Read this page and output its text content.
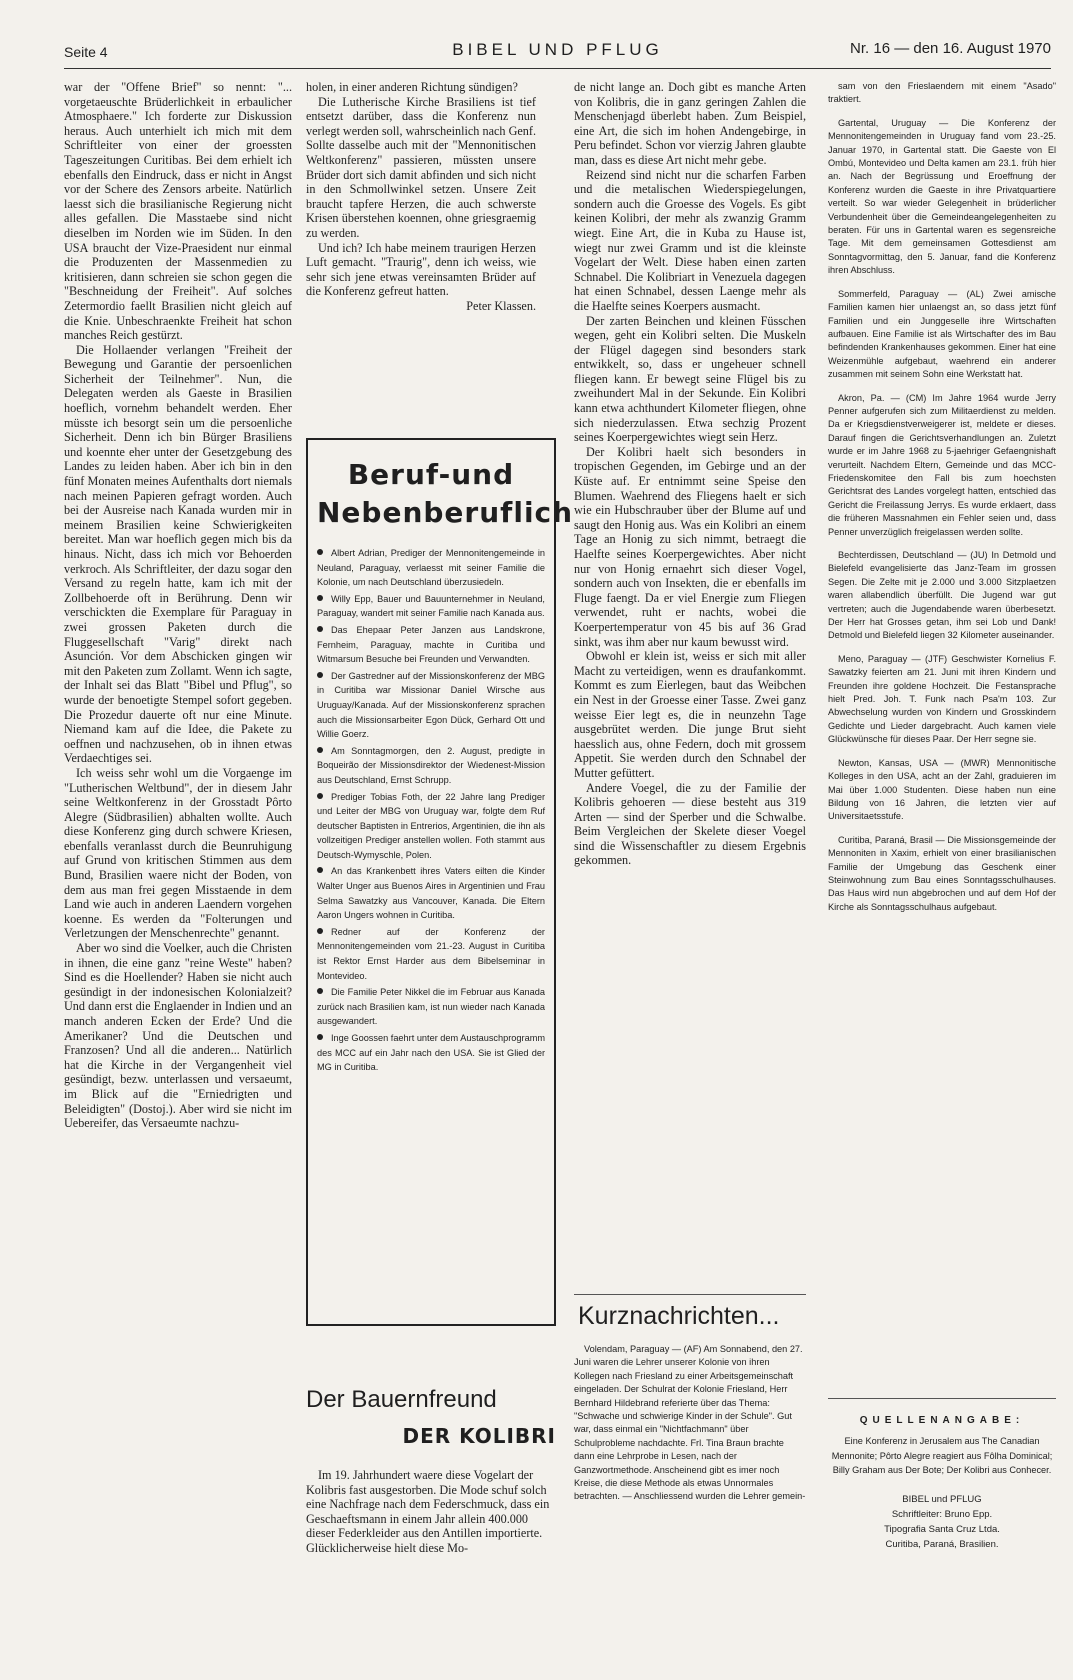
Seite 4	BIBEL UND PFLUG	Nr. 16 — den 16. August 1970

war der "Offene Brief" so nennt: "... vorgetaeuschte Brüderlichkeit in erbaulicher Atmosphaere." Ich forderte zur Diskussion heraus. Auch unterhielt ich mich mit dem Schriftleiter von einer der groessten Tageszeitungen Curitibas. Bei dem erhielt ich ebenfalls den Eindruck, dass er nicht in Angst vor der Schere des Zensors arbeite. Natürlich laesst sich die brasilianische Regierung nicht alles gefallen. Die Masstaebe sind nicht dieselben im Norden wie im Süden. In den USA braucht der Vize-Praesident nur einmal die Produzenten der Massenmedien zu kritisieren, dann schreien sie schon gegen die "Beschneidung der Freiheit". Auf solches Zetermordio faellt Brasilien nicht gleich auf die Knie. Unbeschraenkte Freiheit hat schon manches Reich gestürzt.

Die Hollaender verlangen "Freiheit der Bewegung und Garantie der persoenlichen Sicherheit der Teilnehmer". Nun, die Delegaten werden als Gaeste in Brasilien hoeflich, vornehm behandelt werden. Eher müsste ich besorgt sein um die persoenliche Sicherheit. Denn ich bin Bürger Brasiliens und koennte eher unter der Gesetzgebung des Landes zu leiden haben. Aber ich bin in den fünf Monaten meines Aufenthalts dort niemals nach meinen Papieren gefragt worden. Auch bei der Ausreise nach Kanada wurden mir in meinem Brasilien keine Schwierigkeiten bereitet. Man war hoeflich gegen mich bis da hinaus. Nicht, dass ich mich vor Behoerden verkroch. Als Schriftleiter, der dazu sogar den Versand zu regeln hatte, kam ich mit der Zollbehoerde oft in Berührung. Denn wir verschickten die Exemplare für Paraguay in zwei grossen Paketen durch die Fluggesellschaft "Varig" direkt nach Asunción. Vor dem Abschicken gingen wir mit den Paketen zum Zollamt. Wenn ich sagte, der Inhalt sei das Blatt "Bibel und Pflug", so wurde der benoetigte Stempel sofort gegeben. Die Prozedur dauerte oft nur eine Minute. Niemand kam auf die Idee, die Pakete zu oeffnen und nachzusehen, ob in ihnen etwas Verdaechtiges sei.

Ich weiss sehr wohl um die Vorgaenge im "Lutherischen Weltbund", der in diesem Jahr seine Weltkonferenz in der Grosstadt Pôrto Alegre (Südbrasilien) abhalten wollte. Auch diese Konferenz ging durch schwere Kriesen, ebenfalls veranlasst durch die Beunruhigung auf Grund von kritischen Stimmen aus dem Bund, Brasilien waere nicht der Boden, von dem aus man frei gegen Misstaende in dem Land wie auch in anderen Laendern vorgehen koenne. Es werden da "Folterungen und Verletzungen der Menschenrechte" genannt.

Aber wo sind die Voelker, auch die Christen in ihnen, die eine ganz "reine Weste" haben? Sind es die Hoellender? Haben sie nicht auch gesündigt in der indonesischen Kolonialzeit? Und dann erst die Englaender in Indien und an manch anderen Ecken der Erde? Und die Amerikaner? Und die Deutschen und Franzosen? Und all die anderen... Natürlich hat die Kirche in der Vergangenheit viel gesündigt, bezw. unterlassen und versaeumt, im Blick auf die "Erniedrigten und Beleidigten" (Dostoj.). Aber wird sie nicht im Uebereifer, das Versaeumte nachzu-

holen, in einer anderen Richtung sündigen?

Die Lutherische Kirche Brasiliens ist tief entsetzt darüber, dass die Konferenz nun verlegt werden soll, wahrscheinlich nach Genf. Sollte dasselbe auch mit der "Mennonitischen Weltkonferenz" passieren, müssten unsere Brüder dort sich damit abfinden und sich nicht in den Schmollwinkel setzen. Unsere Zeit braucht tapfere Herzen, die auch schwerste Krisen überstehen koennen, ohne griesgraemig zu werden.

Und ich? Ich habe meinem traurigen Herzen Luft gemacht. "Traurig", denn ich weiss, wie sehr sich jene etwas vereinsamten Brüder auf die Konferenz gefreut hatten.

Peter Klassen.
Beruf-und
Nebenberuflich

Albert Adrian, Prediger der Mennonitengemeinde in Neuland, Paraguay, verlaesst mit seiner Familie die Kolonie, um nach Deutschland überzusiedeln.

Willy Epp, Bauer und Bauunternehmer in Neuland, Paraguay, wandert mit seiner Familie nach Kanada aus.

Das Ehepaar Peter Janzen aus Landskrone, Fernheim, Paraguay, machte in Curitiba und Witmarsum Besuche bei Freunden und Verwandten.

Der Gastredner auf der Missionskonferenz der MBG in Curitiba war Missionar Daniel Wirsche aus Uruguay/Kanada. Auf der Missionskonferenz sprachen auch die Missionsarbeiter Egon Dück, Gerhard Ott und Willie Goerz.

Am Sonntagmorgen, den 2. August, predigte in Boqueirão der Missionsdirektor der Wiedenest-Mission aus Deutschland, Ernst Schrupp.

Prediger Tobias Foth, der 22 Jahre lang Prediger und Leiter der MBG von Uruguay war, folgte dem Ruf deutscher Baptisten in Entrerios, Argentinien, die ihn als vollzeitigen Prediger anstellen wollen. Foth stammt aus Deutsch-Wymyschle, Polen.

An das Krankenbett ihres Vaters eilten die Kinder Walter Unger aus Buenos Aires in Argentinien und Frau Selma Sawatzky aus Vancouver, Kanada. Die Eltern Aaron Ungers wohnen in Curitiba.

Redner auf der Konferenz der Mennonitengemeinden vom 21.-23. August in Curitiba ist Rektor Ernst Harder aus dem Bibelseminar in Montevideo.

Die Familie Peter Nikkel die im Februar aus Kanada zurück nach Brasilien kam, ist nun wieder nach Kanada ausgewandert.

Inge Goossen faehrt unter dem Austauschprogramm des MCC auf ein Jahr nach den USA. Sie ist Glied der MG in Curitiba.

Der Bauernfreund
DER KOLIBRI

Im 19. Jahrhundert waere diese Vogelart der Kolibris fast ausgestorben. Die Mode schuf solch eine Nachfrage nach dem Federschmuck, dass ein Geschaeftsmann in einem Jahr allein 400.000 dieser Federkleider aus den Antillen importierte. Glücklicherweise hielt diese Mo-

de nicht lange an. Doch gibt es manche Arten von Kolibris, die in ganz geringen Zahlen die Menschenjagd überlebt haben. Zum Beispiel, eine Art, die sich im hohen Andengebirge, in Peru befindet. Schon vor vierzig Jahren glaubte man, dass es diese Art nicht mehr gebe.

Reizend sind nicht nur die scharfen Farben und die metalischen Wiederspiegelungen, sondern auch die Groesse des Vogels. Es gibt keinen Kolibri, der mehr als zwanzig Gramm wiegt. Eine Art, die in Kuba zu Hause ist, wiegt nur zwei Gramm und ist die kleinste Vogelart der Welt. Diese haben einen zarten Schnabel. Die Kolibriart in Venezuela dagegen hat einen Schnabel, dessen Laenge mehr als die Haelfte seines Koerpers ausmacht.

Der zarten Beinchen und kleinen Füsschen wegen, geht ein Kolibri selten. Die Muskeln der Flügel dagegen sind besonders stark entwikkelt, so, dass er ungeheuer schnell fliegen kann. Er bewegt seine Flügel bis zu zweihundert Mal in der Sekunde. Ein Kolibri kann etwa achthundert Kilometer fliegen, ohne sich niederzulassen. Etwa sechzig Prozent seines Koerpergewichtes wiegt sein Herz.

Der Kolibri haelt sich besonders in tropischen Gegenden, im Gebirge und an der Küste auf. Er entnimmt seine Speise den Blumen. Waehrend des Fliegens haelt er sich wie ein Hubschrauber über der Blume auf und saugt den Honig aus. Was ein Kolibri an einem Tage an Honig zu sich nimmt, betraegt die Haelfte seines Koerpergewichtes. Aber nicht nur von Honig ernaehrt sich dieser Vogel, sondern auch von Insekten, die er ebenfalls im Fluge faengt. Da er viel Energie zum Fliegen verwendet, ruht er nachts, wobei die Koerpertemperatur von 45 bis auf 36 Grad sinkt, was ihm aber nur kaum bewusst wird.

Obwohl er klein ist, weiss er sich mit aller Macht zu verteidigen, wenn es draufankommt. Kommt es zum Eierlegen, baut das Weibchen ein Nest in der Groesse einer Tasse. Zwei ganz weisse Eier legt es, die in neunzehn Tage ausgebrütet werden. Die junge Brut sieht haesslich aus, ohne Federn, doch mit grossem Appetit. Sie werden durch den Schnabel der Mutter gefüttert.

Andere Voegel, die zu der Familie der Kolibris gehoeren — diese besteht aus 319 Arten — sind der Sperber und die Schwalbe. Beim Vergleichen der Skelete dieser Voegel sind die Wissenschaftler zu diesem Ergebnis gekommen.

Kurznachrichten...

Volendam, Paraguay — (AF) Am Sonnabend, den 27. Juni waren die Lehrer unserer Kolonie von ihren Kollegen nach Friesland zu einer Arbeitsgemeinschaft eingeladen. Der Schulrat der Kolonie Friesland, Herr Bernhard Hildebrand referierte über das Thema: "Schwache und schwierige Kinder in der Schule". Gut war, dass einmal ein "Nichtfachmann" über Schulprobleme nachdachte. Frl. Tina Braun brachte dann eine Lehrprobe in Lesen, nach der Ganzwortmethode. Anscheinend gibt es imer noch Kreise, die diese Methode als etwas Unnormales betrachten. — Anschliessend wurden die Lehrer gemein-

sam von den Frieslaendern mit einem "Asado" traktiert.

Gartental, Uruguay — Die Konferenz der Mennonitengemeinden in Uruguay fand vom 23.-25. Januar 1970, in Gartental statt. Die Gaeste von El Ombú, Montevideo und Delta kamen am 23.1. früh hier an. Nach der Begrüssung und Eroeffnung der Konferenz wurden die Gaeste in ihre Privatquartiere verteilt. So war wieder Gelegenheit in brüderlicher Verbundenheit über die Gemeindeangelegenheiten zu beraten. Für uns in Gartental waren es segensreiche Tage. Mit dem gemeinsamen Gottesdienst am Sonntagvormittag, den 5. Januar, fand die Konferenz ihren Abschluss.

Sommerfeld, Paraguay — (AL) Zwei amische Familien kamen hier unlaengst an, so dass jetzt fünf Familien und ein Junggeselle ihre Wirtschaften aufbauen. Eine Familie ist als Wirtschafter des im Bau befindenden Krankenhauses gekommen. Einer hat eine Weizenmühle aufgebaut, waehrend ein anderer zusammen mit seinem Sohn eine Werkstatt hat.

Akron, Pa. — (CM) Im Jahre 1964 wurde Jerry Penner aufgerufen sich zum Militaerdienst zu melden. Da er Kriegsdienstverweigerer ist, meldete er dieses. Darauf fingen die Gerichtsverhandlungen an. Zuletzt wurde er im Jahre 1968 zu 5-jaehriger Gefaengnishaft verurteilt. Nachdem Eltern, Gemeinde und das MCC-Friedenskomitee den Fall bis zum hoechsten Gerichtsrat des Landes vorgelegt hatten, entschied das Gericht die Freilassung Jerrys. Es wurde erklaert, dass die früheren Massnahmen ein Fehler seien und, dass Penner unverzüglich freigelassen werden sollte.

Bechterdissen, Deutschland — (JU) In Detmold und Bielefeld evangelisierte das Janz-Team im grossen Segen. Die Zelte mit je 2.000 und 3.000 Sitzplaetzen waren allabendlich überfüllt. Die Jugend war gut vertreten; auch die Jugendabende waren überbesetzt. Der Herr hat Grosses getan, ihm sei Lob und Dank! Detmold und Bielefeld liegen 32 Kilometer auseinander.

Meno, Paraguay — (JTF) Geschwister Kornelius F. Sawatzky feierten am 21. Juni mit ihren Kindern und Freunden ihre goldene Hochzeit. Die Festansprache hielt Pred. Joh. T. Funk nach Psa'm 103. Zur Abwechselung wurden von Kindern und Grosskindern Gedichte und Lieder dargebracht. Auch kamen viele Glückwünsche für dieses Paar. Der Herr segne sie.

Newton, Kansas, USA — (MWR) Mennonitische Kolleges in den USA, acht an der Zahl, graduieren im Mai über 1.000 Studenten. Diese haben nun eine Bildung von 16 Jahren, die letzten vier auf Universitaetsstufe.

Curitiba, Paraná, Brasil — Die Missionsgemeinde der Mennoniten in Xaxim, erhielt von einer brasilianischen Familie der Umgebung das Geschenk einer Steinwohnung zum Bau eines Sonntagsschulhauses. Das Haus wird nun abgebrochen und auf dem Hof der Kirche als Sonntagsschulhaus aufgebaut.

QUELLENANGABE:
Eine Konferenz in Jerusalem aus The Canadian Mennonite; Pôrto Alegre reagiert aus Fôlha Dominical; Billy Graham aus Der Bote; Der Kolibri aus Conhecer.
BIBEL und PFLUG
Schriftleiter: Bruno Epp.
Tipografia Santa Cruz Ltda.
Curitiba, Paraná, Brasilien.
